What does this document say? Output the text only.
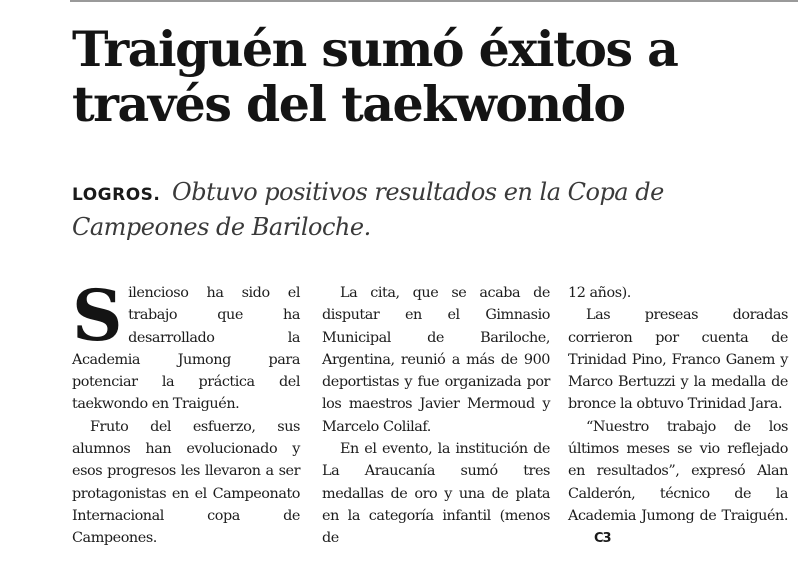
Traiguén sumó éxitos a
través del taekwondo

LOGROS. Obtuvo positivos resultados en la Copa de Campeones de Bariloche.

Silencioso ha sido el trabajo que ha desarrollado la Academia Jumong para potenciar la práctica del taekwondo en Traiguén.

Fruto del esfuerzo, sus alumnos han evolucionado y esos progresos les llevaron a ser protagonistas en el Campeonato Internacional copa de Campeones.

La cita, que se acaba de disputar en el Gimnasio Municipal de Bariloche, Argentina, reunió a más de 900 deportistas y fue organizada por los maestros Javier Mermoud y Marcelo Colilaf.

En el evento, la institución de La Araucanía sumó tres medallas de oro y una de plata en la categoría infantil (menos de

12 años).

Las preseas doradas corrieron por cuenta de Trinidad Pino, Franco Ganem y Marco Bertuzzi y la medalla de bronce la obtuvo Trinidad Jara.

“Nuestro trabajo de los últimos meses se vio reflejado en resultados”, expresó Alan Calderón, técnico de la Academia Jumong de Traiguén.C3
